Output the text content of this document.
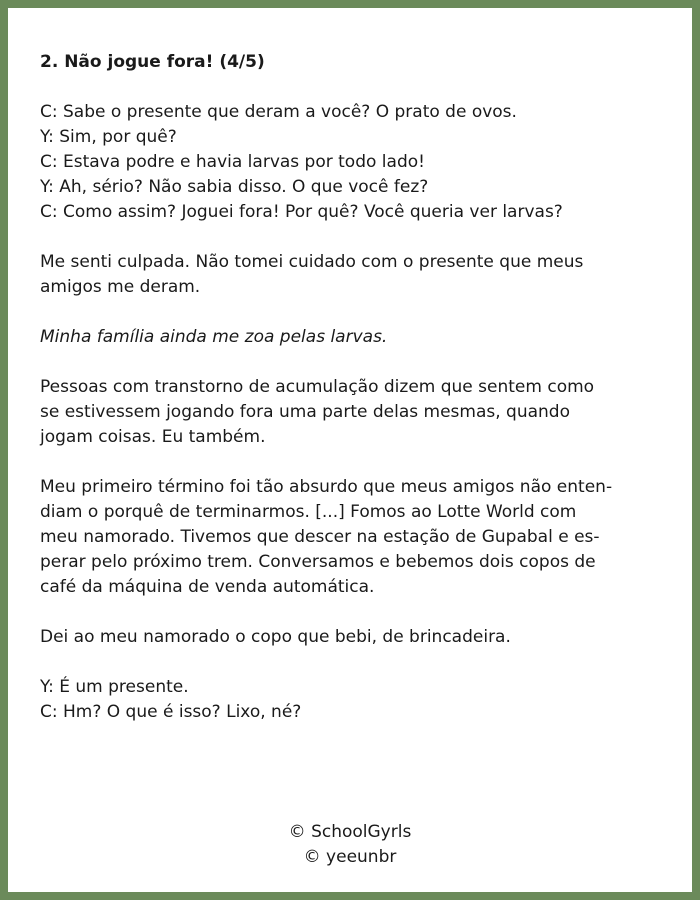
2. Não jogue fora! (4/5)
C: Sabe o presente que deram a você? O prato de ovos.
Y: Sim, por quê?
C: Estava podre e havia larvas por todo lado!
Y: Ah, sério? Não sabia disso. O que você fez?
C: Como assim? Joguei fora! Por quê? Você queria ver larvas?
Me senti culpada. Não tomei cuidado com o presente que meus
amigos me deram.
Minha família ainda me zoa pelas larvas.
Pessoas com transtorno de acumulação dizem que sentem como
se estivessem jogando fora uma parte delas mesmas, quando
jogam coisas. Eu também.
Meu primeiro término foi tão absurdo que meus amigos não enten-
diam o porquê de terminarmos. [...] Fomos ao Lotte World com
meu namorado. Tivemos que descer na estação de Gupabal e es-
perar pelo próximo trem. Conversamos e bebemos dois copos de
café da máquina de venda automática.
Dei ao meu namorado o copo que bebi, de brincadeira.
Y: É um presente.
C: Hm? O que é isso? Lixo, né?
© SchoolGyrls
© yeeunbr
